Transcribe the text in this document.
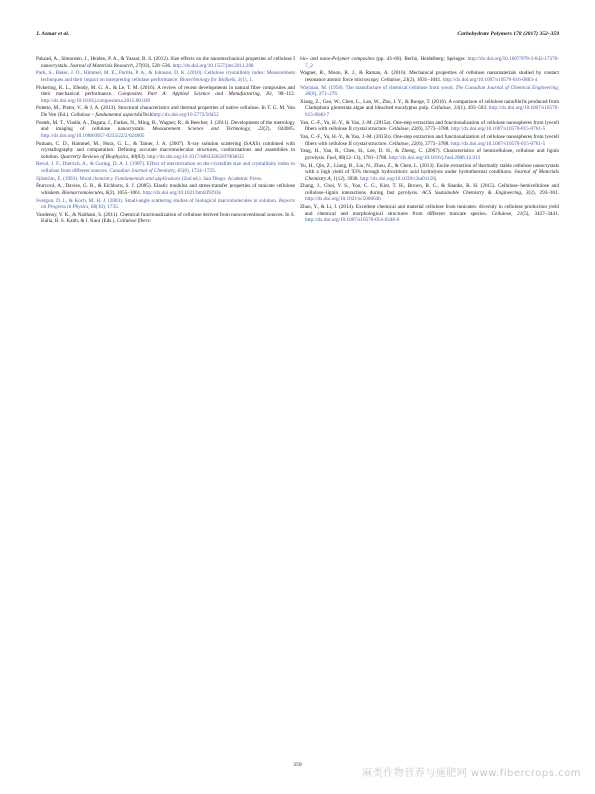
J. Asmar et al.	Carbohydrate Polymers 178 (2017) 352–359

Pakzad, A., Simonsen, J., Heiden, P. A., & Yassar, R. S. (2012). Size effects on the nanomechanical properties of cellulose I nanocrystals. Journal of Materials Research, 27(03), 528–536. http://dx.doi.org/10.1557/jmr.2011.288

Park, S., Baker, J. O., Himmel, M. E., Parilla, P. A., & Johnson, D. K. (2010). Cellulose crystallinity index: Measurement techniques and their impact on interpreting cellulase performance. Biotechnology for Biofuels, 3(1), 1.

Pickering, K. L., Efendy, M. G. A., & Le, T. M. (2016). A review of recent developments in natural fibre composites and their mechanical performance. Composites Part A: Applied Science and Manufacturing, 83, 98–112. http://dx.doi.org/10.1016/j.compositesa.2015.08.038

Poletto, M., Pistor, V., & J, A. (2013). Structural characteristics and thermal properties of native cellulose. In T. G. M. Van De Ven (Ed.). Cellulose – fundamental aspectsInTechhttp://dx.doi.org/10.5772/50452

Postek, M. T., Vladár, A., Dagata, J., Farkas, N., Ming, B., Wagner, R., & Beecher, J. (2011). Development of the metrology and imaging of cellulose nanocrystals. Measurement Science and Technology, 22(2), 024005. http://dx.doi.org/10.1088/0957-0233/22/2/024005

Putnam, C. D., Hammel, M., Hura, G. L., & Tainer, J. A. (2007). X-ray solution scattering (SAXS) combined with crystallography and computation: Defining accurate macromolecular structures, conformations and assemblies in solution. Quarterly Reviews of Biophysics, 40(03). http://dx.doi.org/10.1017/s0033583507004635

Revol, J. F., Dietrich, A., & Goring, D. A. I. (1987). Effect of mercerization on the crystallite size and crystallinity index in cellulose from different sources. Canadian Journal of Chemistry, 65(8), 1724–1725.

Sjöström, E. (1993). Wood chemistry. Fundamentals and applications (2nd ed.). San Diego: Academic Press.

Šturcová, A., Davies, G. R., & Eichhorn, S. J. (2005). Elastic modulus and stress-transfer properties of tunicate cellulose whiskers. Biomacromolecules, 6(2), 1055–1061. http://dx.doi.org/10.1021/bm049291k

Svergun, D. I., & Koch, M. H. J. (2003). Small-angle scattering studies of biological macromolecules in solution. Reports on Progress in Physics, 66(10), 1735.

Vandenny, V. K., & Naithani, S. (2011). Chemical functionalization of cellulose derived from nonconventional sources. In S. Kalia, B. S. Kaith, & I. Kaur (Eds.). Cellulose fibers:

bio- and nano-Polymer composites (pp. 43–60). Berlin, Heidelberg: Springer. http://dx.doi.org/10.1007/978-3-642-17370-7_2

Wagner, R., Moon, R. J., & Raman, A. (2016). Mechanical properties of cellulose nanomaterials studied by contact resonance atomic force microscopy. Cellulose, 23(2), 1031–1041. http://dx.doi.org/10.1007/s10570-016-0883-4

Wayman, M. (1958). The manufacture of chemical cellulose from wood. The Canadian Journal of Chemical Engineering, 36(6), 271–276.

Xiang, Z., Gao, W., Chen, L., Lan, W., Zhu, J. Y., & Runge, T. (2016). A comparison of cellulose nanofibrils produced from Cladophora glomerata algae and bleached eucalyptus pulp. Cellulose, 23(1), 493–503. http://dx.doi.org/10.1007/s10570-015-0840-7

Yan, C.-F., Yu, H.-Y., & Yao, J.-M. (2015a). One-step extraction and functionalization of cellulose nanospheres from lyocell fibers with cellulose II crystal structure. Cellulose, 22(6), 3773–3788. http://dx.doi.org/10.1007/s10570-015-0761-5

Yan, C.-F., Yu, H.-Y., & Yao, J.-M. (2015b). One-step extraction and functionalization of cellulose nanospheres from lyocell fibers with cellulose II crystal structure. Cellulose, 22(6), 3773–3788. http://dx.doi.org/10.1007/s10570-015-0761-5

Yang, H., Yan, R., Chen, H., Lee, D. H., & Zheng, C. (2007). Characteristics of hemicellulose, cellulose and lignin pyrolysis. Fuel, 86(12–13), 1781–1788. http://dx.doi.org/10.1016/j.fuel.2006.12.013

Yu, H., Qin, Z., Liang, B., Liu, N., Zhou, Z., & Chen, L. (2013). Facile extraction of thermally stable cellulose nanocrystals with a high yield of 93% through hydrochloric acid hydrolysis under hydrothermal conditions. Journal of Materials Chemistry A, 1(12), 3938. http://dx.doi.org/10.1039/c3ta01150j

Zhang, J., Choi, Y. S., Yoo, C. G., Kim, T. H., Brown, R. C., & Shanks, B. H. (2015). Cellulose–hemicellulose and cellulose–lignin interactions during fast pyrolysis. ACS Sustainable Chemistry & Engineering, 3(2), 293–301. http://dx.doi.org/10.1021/sc500664h

Zhao, Y., & Li, J. (2014). Excellent chemical and material cellulose from tunicates: diversity in cellulose production yield and chemical and morphological structures from different tunicate species. Cellulose, 21(5), 3427–3441. http://dx.doi.org/10.1007/s10570-014-0348-6

359
麻类作物营养与施肥网 www.fibercrops.com
